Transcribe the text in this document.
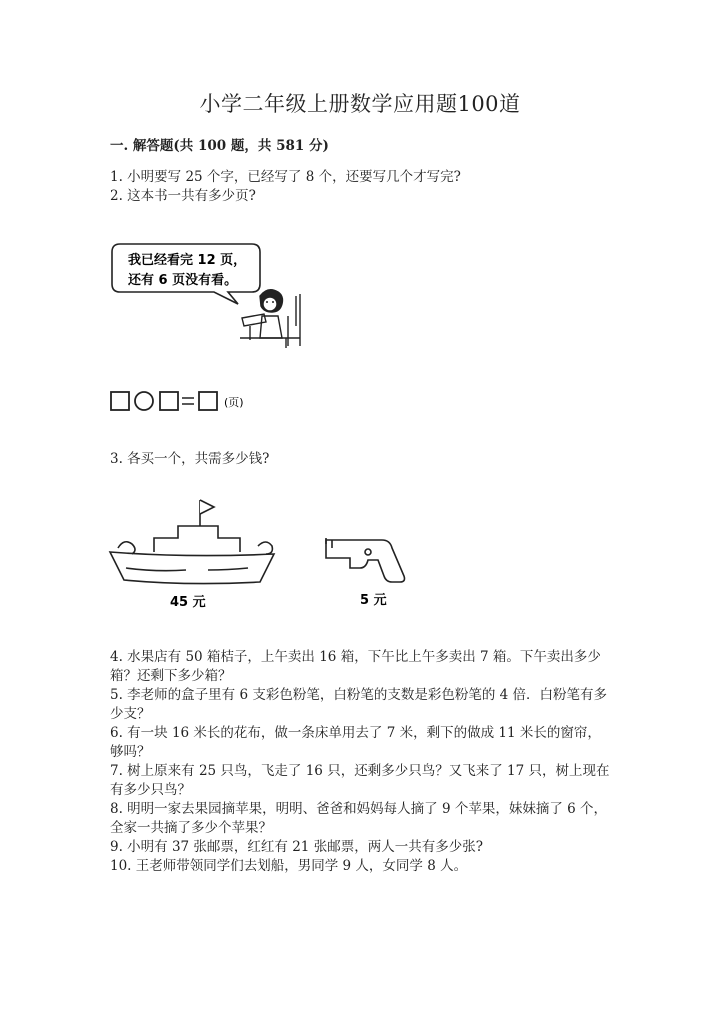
小学二年级上册数学应用题100道
一. 解答题(共 100 题，共 581 分)
1. 小明要写 25 个字，已经写了 8 个，还要写几个才写完?
2. 这本书一共有多少页?
我已经看完 12 页，
还有 6 页没有看。
(页)
3. 各买一个，共需多少钱?
45 元	5 元
4. 水果店有 50 箱桔子，上午卖出 16 箱，下午比上午多卖出 7 箱。下午卖出多少箱？还剩下多少箱？
5. 李老师的盒子里有 6 支彩色粉笔，白粉笔的支数是彩色粉笔的 4 倍．白粉笔有多少支？
6. 有一块 16 米长的花布，做一条床单用去了 7 米，剩下的做成 11 米长的窗帘，够吗？
7. 树上原来有 25 只鸟，飞走了 16 只，还剩多少只鸟？又飞来了 17 只，树上现在有多少只鸟？
8. 明明一家去果园摘苹果，明明、爸爸和妈妈每人摘了 9 个苹果，妹妹摘了 6 个，全家一共摘了多少个苹果？
9. 小明有 37 张邮票，红红有 21 张邮票，两人一共有多少张?
10. 王老师带领同学们去划船，男同学 9 人，女同学 8 人。
